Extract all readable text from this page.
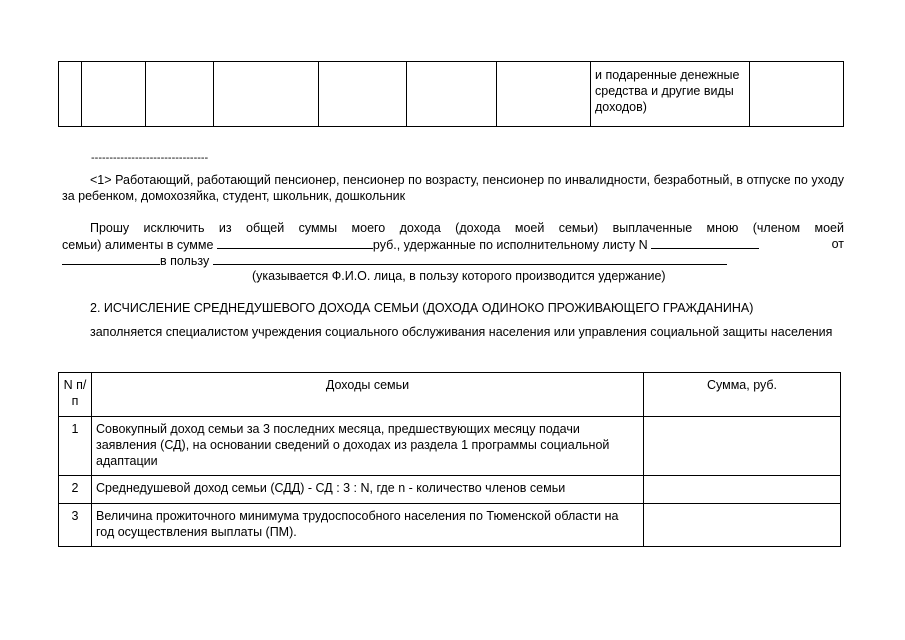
							и подаренные денежные средства и другие виды доходов)	
--------------------------------
<1> Работающий, работающий пенсионер, пенсионер по возрасту, пенсионер по инвалидности, безработный, в отпуске по уходу за ребенком, домохозяйка, студент, школьник, дошкольник
Прошу исключить из общей суммы моего дохода (дохода моей семьи) выплаченные мною (членом моей
семьи) алименты в сумме	руб., удержанные по исполнительному листу N	от
в пользу
(указывается Ф.И.О. лица, в пользу которого производится удержание)
2. ИСЧИСЛЕНИЕ СРЕДНЕДУШЕВОГО ДОХОДА СЕМЬИ (ДОХОДА ОДИНОКО ПРОЖИВАЮЩЕГО ГРАЖДАНИНА)
заполняется специалистом учреждения социального обслуживания населения или управления социальной защиты населения
N п/п	Доходы семьи	Сумма, руб.
1	Совокупный доход семьи за 3 последних месяца, предшествующих месяцу подачи заявления (СД), на основании сведений о доходах из раздела 1 программы социальной адаптации	
2	Среднедушевой доход семьи (СДД) - СД : 3 : N, где n - количество членов семьи	
3	Величина прожиточного минимума трудоспособного населения по Тюменской области на год осуществления выплаты (ПМ).	
